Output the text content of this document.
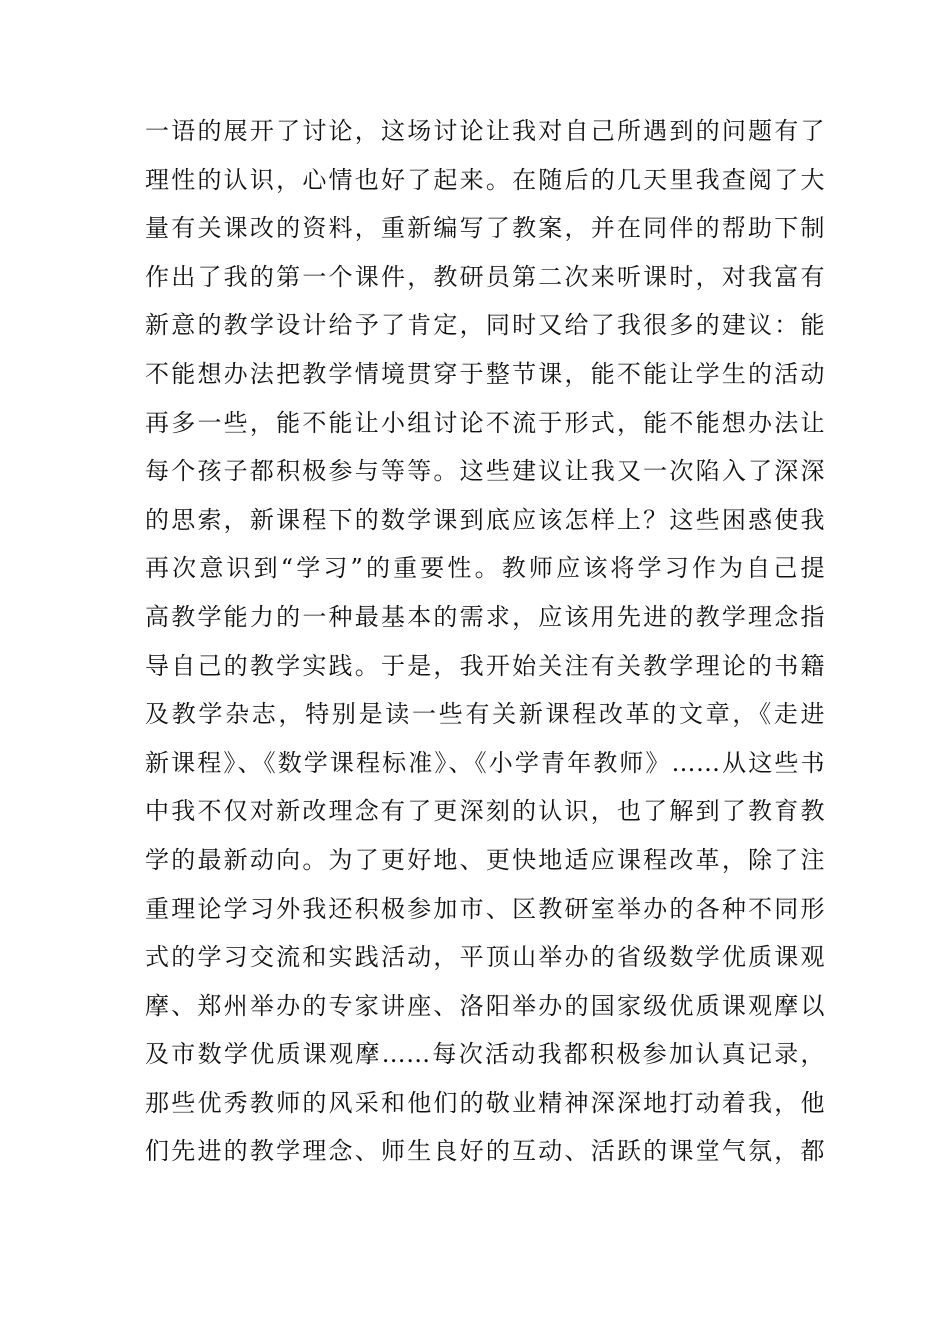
一语的展开了讨论，这场讨论让我对自己所遇到的问题有了
理性的认识，心情也好了起来。在随后的几天里我查阅了大
量有关课改的资料，重新编写了教案，并在同伴的帮助下制
作出了我的第一个课件，教研员第二次来听课时，对我富有
新意的教学设计给予了肯定，同时又给了我很多的建议：能
不能想办法把教学情境贯穿于整节课，能不能让学生的活动
再多一些，能不能让小组讨论不流于形式，能不能想办法让
每个孩子都积极参与等等。这些建议让我又一次陷入了深深
的思索，新课程下的数学课到底应该怎样上？这些困惑使我
再次意识到“学习”的重要性。教师应该将学习作为自己提
高教学能力的一种最基本的需求，应该用先进的教学理念指
导自己的教学实践。于是，我开始关注有关教学理论的书籍
及教学杂志，特别是读一些有关新课程改革的文章，《走进
新课程》、《数学课程标准》、《小学青年教师》……从这些书
中我不仅对新改理念有了更深刻的认识，也了解到了教育教
学的最新动向。为了更好地、更快地适应课程改革，除了注
重理论学习外我还积极参加市、区教研室举办的各种不同形
式的学习交流和实践活动，平顶山举办的省级数学优质课观
摩、郑州举办的专家讲座、洛阳举办的国家级优质课观摩以
及市数学优质课观摩……每次活动我都积极参加认真记录，
那些优秀教师的风采和他们的敬业精神深深地打动着我，他
们先进的教学理念、师生良好的互动、活跃的课堂气氛，都
